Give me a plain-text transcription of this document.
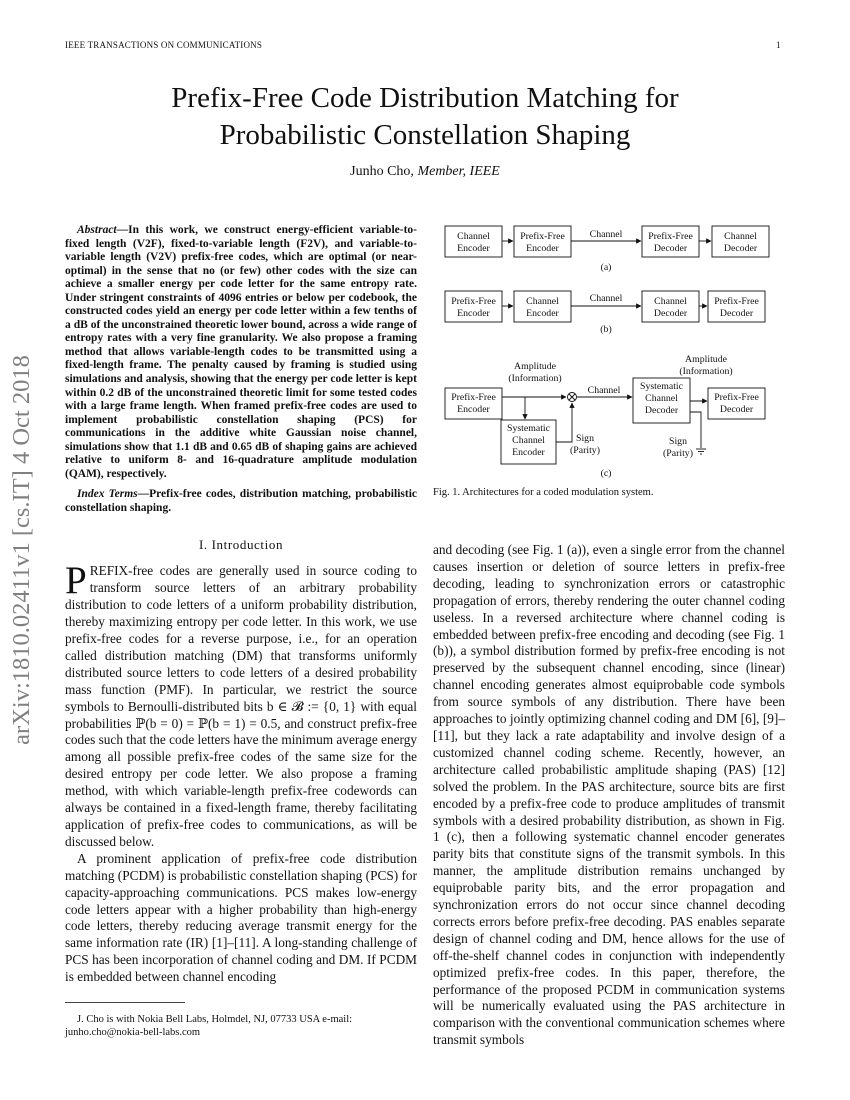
IEEE TRANSACTIONS ON COMMUNICATIONS	1
arXiv:1810.02411v1 [cs.IT] 4 Oct 2018
Prefix-Free Code Distribution Matching for
Probabilistic Constellation Shaping
Junho Cho, Member, IEEE

Abstract—In this work, we construct energy-efficient variable-to-fixed length (V2F), fixed-to-variable length (F2V), and variable-to-variable length (V2V) prefix-free codes, which are optimal (or near-optimal) in the sense that no (or few) other codes with the size can achieve a smaller energy per code letter for the same entropy rate. Under stringent constraints of 4096 entries or below per codebook, the constructed codes yield an energy per code letter within a few tenths of a dB of the unconstrained theoretic lower bound, across a wide range of entropy rates with a very fine granularity. We also propose a framing method that allows variable-length codes to be transmitted using a fixed-length frame. The penalty caused by framing is studied using simulations and analysis, showing that the energy per code letter is kept within 0.2 dB of the unconstrained theoretic limit for some tested codes with a large frame length. When framed prefix-free codes are used to implement probabilistic constellation shaping (PCS) for communications in the additive white Gaussian noise channel, simulations show that 1.1 dB and 0.65 dB of shaping gains are achieved relative to uniform 8- and 16-quadrature amplitude modulation (QAM), respectively.

Index Terms—Prefix-free codes, distribution matching, probabilistic constellation shaping.

I. Introduction

PREFIX-free codes are generally used in source coding to transform source letters of an arbitrary probability distribution to code letters of a uniform probability distribution, thereby maximizing entropy per code letter. In this work, we use prefix-free codes for a reverse purpose, i.e., for an operation called distribution matching (DM) that transforms uniformly distributed source letters to code letters of a desired probability mass function (PMF). In particular, we restrict the source symbols to Bernoulli-distributed bits b ∈ 𝓑 := {0, 1} with equal probabilities ℙ(b = 0) = ℙ(b = 1) = 0.5, and construct prefix-free codes such that the code letters have the minimum average energy among all possible prefix-free codes of the same size for the desired entropy per code letter. We also propose a framing method, with which variable-length prefix-free codewords can always be contained in a fixed-length frame, thereby facilitating application of prefix-free codes to communications, as will be discussed below.

A prominent application of prefix-free code distribution matching (PCDM) is probabilistic constellation shaping (PCS) for capacity-approaching communications. PCS makes low-energy code letters appear with a higher probability than high-energy code letters, thereby reducing average transmit energy for the same information rate (IR) [1]–[11]. A long-standing challenge of PCS has been incorporation of channel coding and DM. If PCDM is embedded between channel encoding

J. Cho is with Nokia Bell Labs, Holmdel, NJ, 07733 USA e-mail: junho.cho@nokia-bell-labs.com
Channel
Encoder
Prefix-Free
Encoder
Prefix-Free
Decoder
Channel
Decoder
Channel
(a)
Prefix-Free
Encoder
Channel
Encoder
Channel
Decoder
Prefix-Free
Decoder
Channel
(b)
Prefix-Free
Encoder
Systematic
Channel
Encoder
Systematic
Channel
Decoder
Prefix-Free
Decoder
Amplitude
(Information)
Amplitude
(Information)
Sign
(Parity)
Sign
(Parity)
Channel
(c)
Fig. 1. Architectures for a coded modulation system.

and decoding (see Fig. 1 (a)), even a single error from the channel causes insertion or deletion of source letters in prefix-free decoding, leading to synchronization errors or catastrophic propagation of errors, thereby rendering the outer channel coding useless. In a reversed architecture where channel coding is embedded between prefix-free encoding and decoding (see Fig. 1 (b)), a symbol distribution formed by prefix-free encoding is not preserved by the subsequent channel encoding, since (linear) channel encoding generates almost equiprobable code symbols from source symbols of any distribution. There have been approaches to jointly optimizing channel coding and DM [6], [9]–[11], but they lack a rate adaptability and involve design of a customized channel coding scheme. Recently, however, an architecture called probabilistic amplitude shaping (PAS) [12] solved the problem. In the PAS architecture, source bits are first encoded by a prefix-free code to produce amplitudes of transmit symbols with a desired probability distribution, as shown in Fig. 1 (c), then a following systematic channel encoder generates parity bits that constitute signs of the transmit symbols. In this manner, the amplitude distribution remains unchanged by equiprobable parity bits, and the error propagation and synchronization errors do not occur since channel decoding corrects errors before prefix-free decoding. PAS enables separate design of channel coding and DM, hence allows for the use of off-the-shelf channel codes in conjunction with independently optimized prefix-free codes. In this paper, therefore, the performance of the proposed PCDM in communication systems will be numerically evaluated using the PAS architecture in comparison with the conventional communication schemes where transmit symbols
